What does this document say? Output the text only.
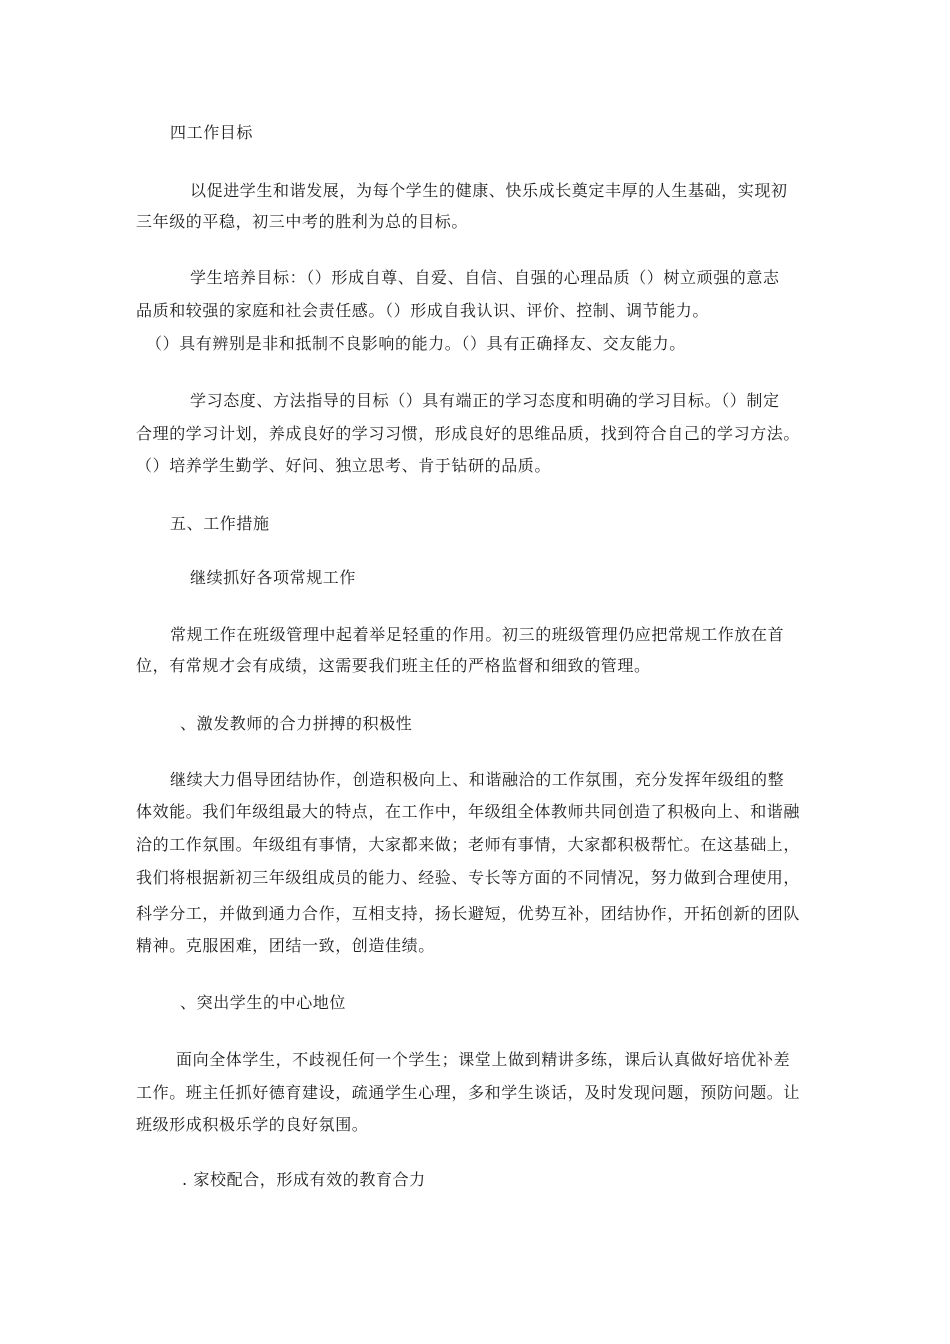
四工作目标

以促进学生和谐发展，为每个学生的健康、快乐成长奠定丰厚的人生基础，实现初

三年级的平稳，初三中考的胜利为总的目标。

学生培养目标：（）形成自尊、自爱、自信、自强的心理品质（）树立顽强的意志

品质和较强的家庭和社会责任感。（）形成自我认识、评价、控制、调节能力。

（）具有辨别是非和抵制不良影响的能力。（）具有正确择友、交友能力。

学习态度、方法指导的目标（）具有端正的学习态度和明确的学习目标。（）制定

合理的学习计划，养成良好的学习习惯，形成良好的思维品质，找到符合自己的学习方法。

（）培养学生勤学、好问、独立思考、肯于钻研的品质。

五、工作措施

继续抓好各项常规工作

常规工作在班级管理中起着举足轻重的作用。初三的班级管理仍应把常规工作放在首

位，有常规才会有成绩，这需要我们班主任的严格监督和细致的管理。

、激发教师的合力拼搏的积极性

继续大力倡导团结协作，创造积极向上、和谐融洽的工作氛围，充分发挥年级组的整

体效能。我们年级组最大的特点，在工作中，年级组全体教师共同创造了积极向上、和谐融

洽的工作氛围。年级组有事情，大家都来做；老师有事情，大家都积极帮忙。在这基础上，

我们将根据新初三年级组成员的能力、经验、专长等方面的不同情况，努力做到合理使用，

科学分工，并做到通力合作，互相支持，扬长避短，优势互补，团结协作，开拓创新的团队

精神。克服困难，团结一致，创造佳绩。

、突出学生的中心地位

面向全体学生，不歧视任何一个学生；课堂上做到精讲多练，课后认真做好培优补差

工作。班主任抓好德育建设，疏通学生心理，多和学生谈话，及时发现问题，预防问题。让

班级形成积极乐学的良好氛围。

. 家校配合，形成有效的教育合力
